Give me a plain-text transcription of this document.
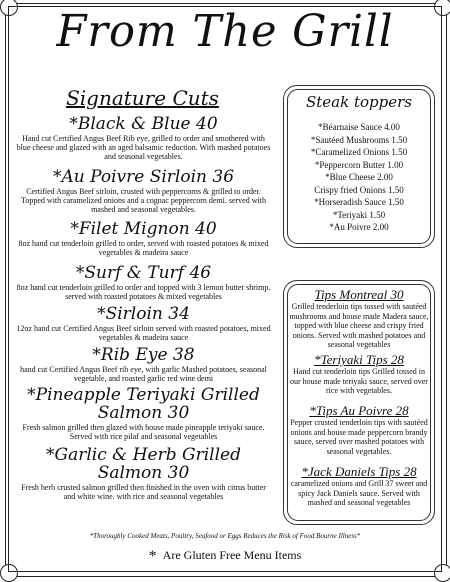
From The Grill
Signature Cuts
*Black & Blue 40
Hand cut Certified Angus Beef Rib eye, grilled to order and smothered with blue cheese and glazed with an aged balsamic reduction. With mashed potatoes and seasonal vegetables.
*Au Poivre Sirloin 36
Certified Angus Beef sirloin, crusted with peppercorns & grilled to order. Topped with caramelized onions and a cognac peppercorn demi. served with mashed and seasonal vegetables.
*Filet Mignon 40
8oz hand cut tenderloin grilled to order, served with roasted potatoes & mixed vegetables & madeira sauce
*Surf & Turf 46
8oz hand cut tenderloin grilled to order and topped with 3 lemon butter shrimp. served with roasted potatoes & mixed vegetables
*Sirloin 34
12oz hand cut Certified Angus Beef sirloin served with roasted potatoes, mixed vegetables & madeira sauce
*Rib Eye 38
hand cut Certified Angus Beef rib eye, with garlic Mashed potatoes, seasonal vegetable, and roasted garlic red wine demi
*Pineapple Teriyaki Grilled Salmon 30
Fresh salmon grilled then glazed with house made pineapple teriyaki sauce. Served with rice pilaf and seasonal vegetables
*Garlic & Herb Grilled Salmon 30
Fresh herb crusted salmon grilled then finished in the oven with citrus butter and white wine. with rice and seasonal vegetables
Steak toppers
*Béarnaise Sauce 4.00
*Sautéed Mushrooms 1.50
*Caramelized Onions 1.50
*Peppercorn Butter 1.00
*Blue Cheese 2.00
Crispy fried Onions 1.50
*Horseradish Sauce 1.50
*Teriyaki 1.50
*Au Poivre 2.00
Tips Montreal 30
Grilled tenderloin tips tossed with sautéed mushrooms and house made Madera sauce, topped with blue cheese and crispy fried onions. Served with mashed potatoes and seasonal vegetables
*Teriyaki Tips 28
Hand cut tenderloin tips Grilled tossed in our house made teriyaki sauce, served over rice with vegetables.
*Tips Au Poivre 28
Pepper crusted tenderloin tips with sautéed onions and house made peppercorn brandy sauce, served over mashed potatoes with seasonal vegetables.
*Jack Daniels Tips 28
caramelized onions and Grill 37 sweet and spicy Jack Daniels sauce. Served with mashed and seasonal vegetables
*Thoroughly Cooked Meats, Poultry, Seafood or Eggs Reduces the Risk of Food Bourne Illness*
* Are Gluten Free Menu Items
